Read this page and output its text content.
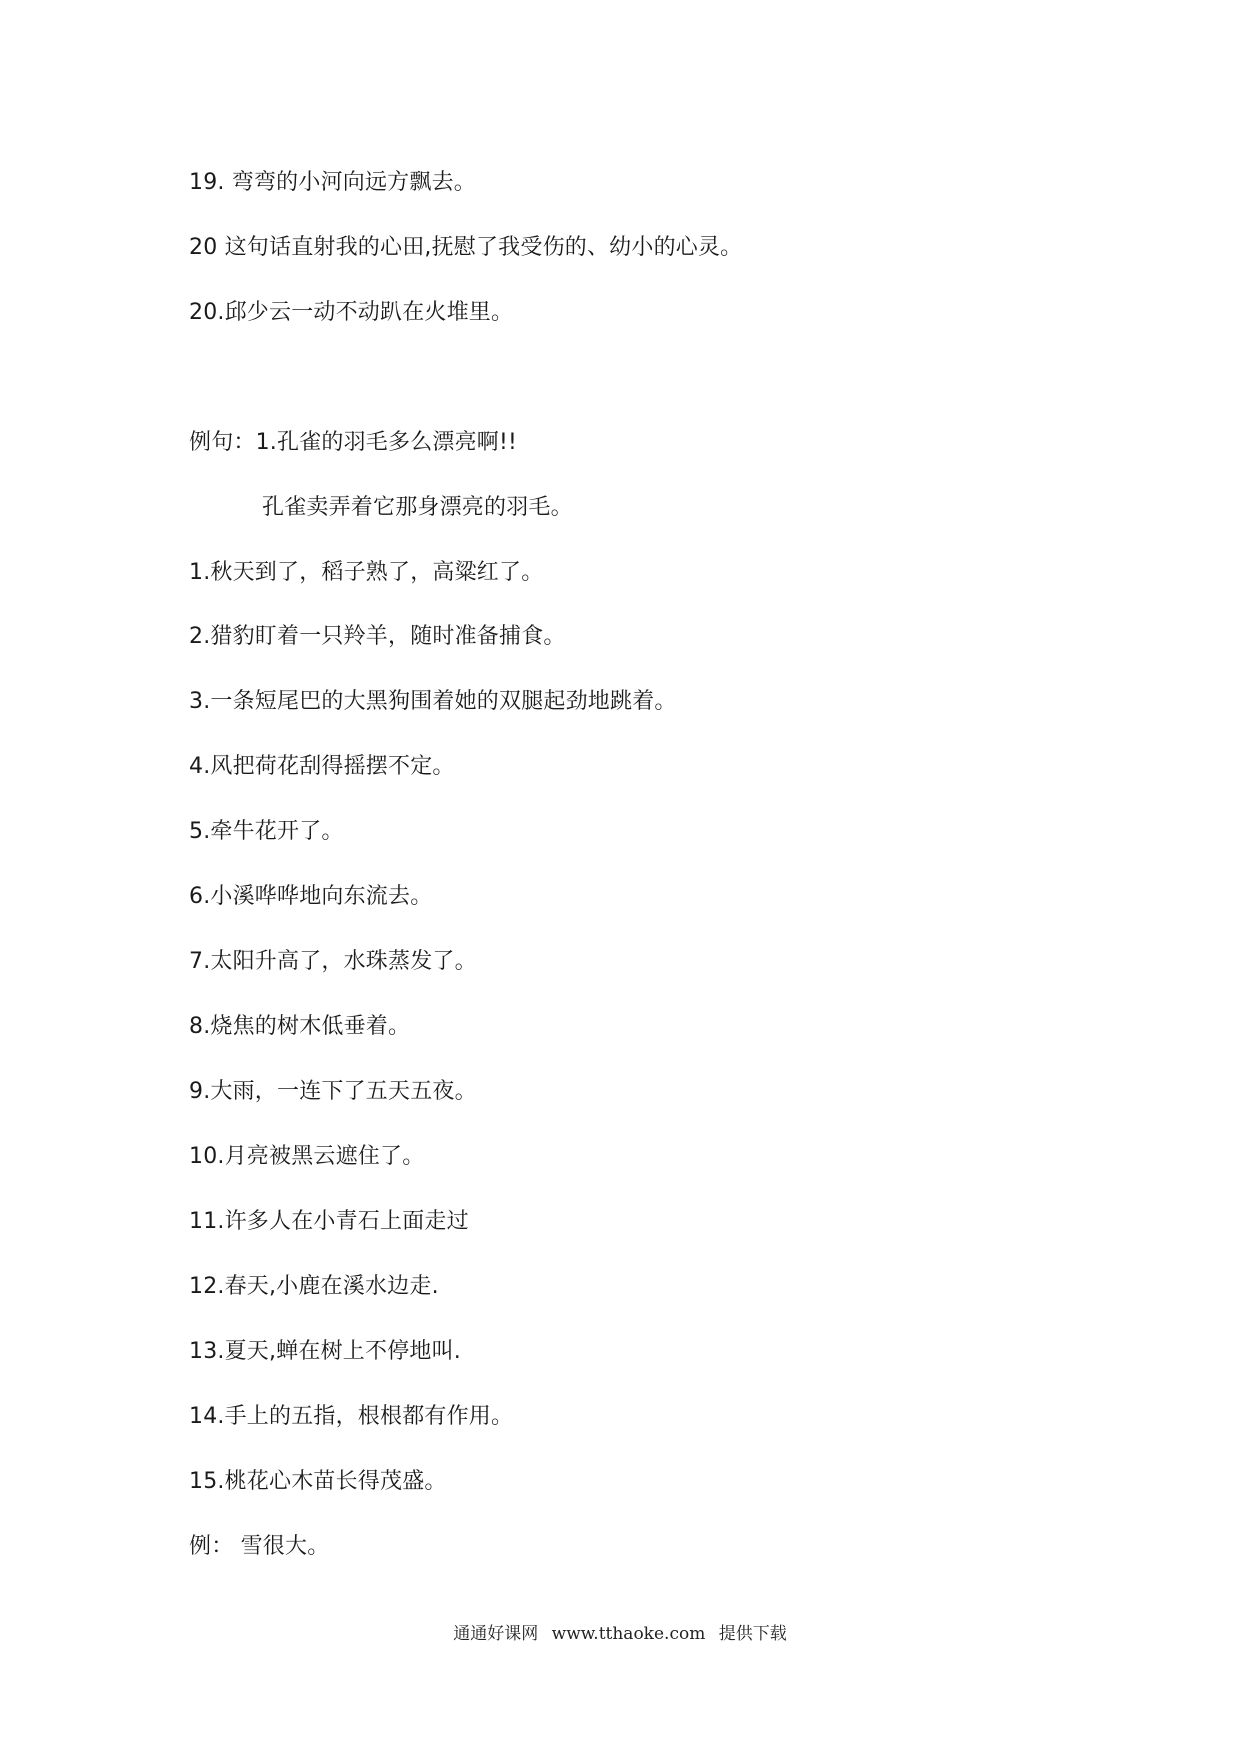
19. 弯弯的小河向远方飘去。
20 这句话直射我的心田,抚慰了我受伤的、幼小的心灵。
20.邱少云一动不动趴在火堆里。
例句：1.孔雀的羽毛多么漂亮啊!!
孔雀卖弄着它那身漂亮的羽毛。
1.秋天到了，稻子熟了，高粱红了。
2.猎豹盯着一只羚羊，随时准备捕食。
3.一条短尾巴的大黑狗围着她的双腿起劲地跳着。
4.风把荷花刮得摇摆不定。
5.牵牛花开了。
6.小溪哗哗地向东流去。
7.太阳升高了，水珠蒸发了。
8.烧焦的树木低垂着。
9.大雨，一连下了五天五夜。
10.月亮被黑云遮住了。
11.许多人在小青石上面走过
12.春天,小鹿在溪水边走.
13.夏天,蝉在树上不停地叫.
14.手上的五指，根根都有作用。
15.桃花心木苗长得茂盛。
例： 雪很大。
通通好课网 www.tthaoke.com 提供下载
